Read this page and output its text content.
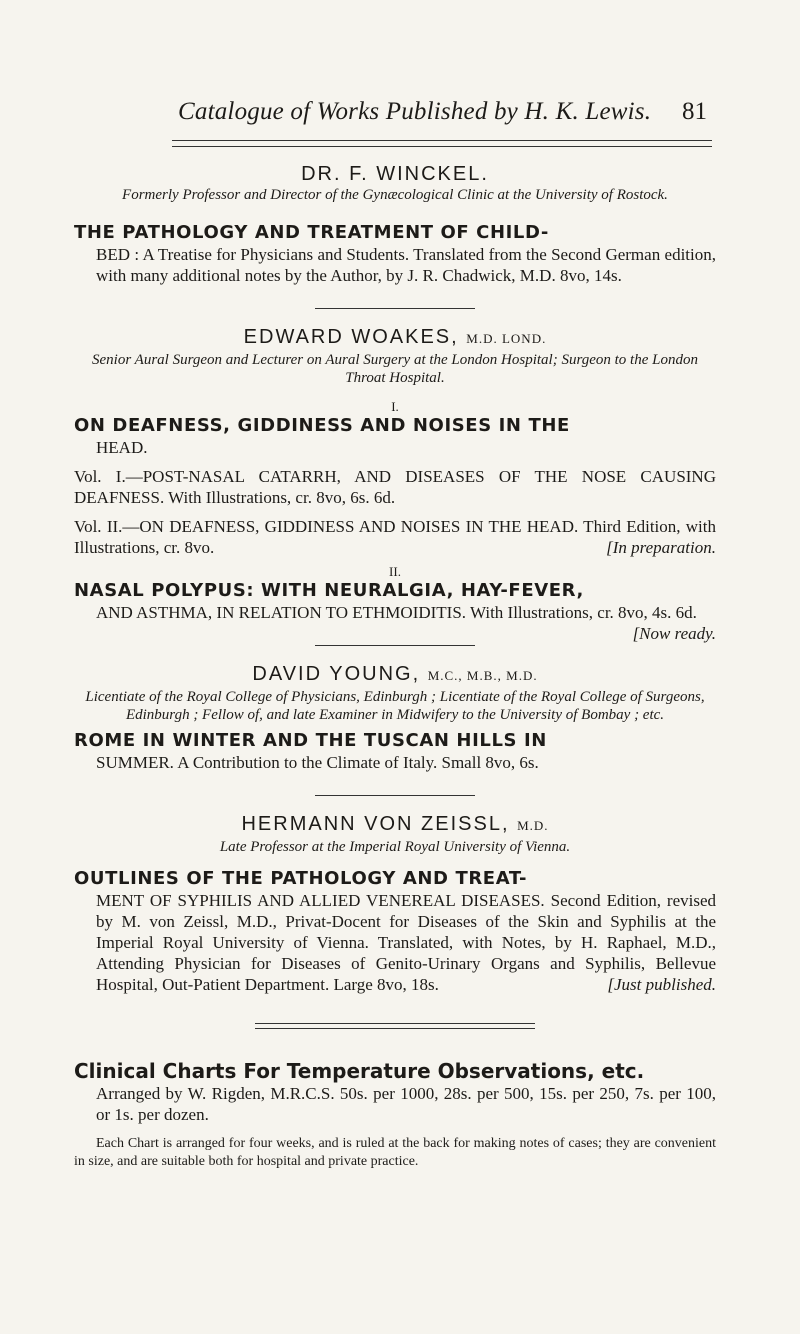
Catalogue of Works Published by H. K. Lewis. 81

DR. F. WINCKEL.

Formerly Professor and Director of the Gynæcological Clinic at the University of Rostock.

THE PATHOLOGY AND TREATMENT OF CHILD-

BED : A Treatise for Physicians and Students. Translated from the Second German edition, with many additional notes by the Author, by J. R. Chadwick, M.D. 8vo, 14s.

EDWARD WOAKES, M.D. LOND.

Senior Aural Surgeon and Lecturer on Aural Surgery at the London Hospital; Surgeon to the London Throat Hospital.

I.

ON DEAFNESS, GIDDINESS AND NOISES IN THE

HEAD.

Vol. I.—POST-NASAL CATARRH, AND DISEASES OF THE NOSE CAUSING DEAFNESS. With Illustrations, cr. 8vo, 6s. 6d.

Vol. II.—ON DEAFNESS, GIDDINESS AND NOISES IN THE HEAD. Third Edition, with Illustrations, cr. 8vo.	[In preparation.

II.

NASAL POLYPUS: WITH NEURALGIA, HAY-FEVER,

AND ASTHMA, IN RELATION TO ETHMOIDITIS. With Illustrations, cr. 8vo, 4s. 6d.
[Now ready.

DAVID YOUNG, M.C., M.B., M.D.

Licentiate of the Royal College of Physicians, Edinburgh ; Licentiate of the Royal College of Surgeons, Edinburgh ; Fellow of, and late Examiner in Midwifery to the University of Bombay ; etc.

ROME IN WINTER AND THE TUSCAN HILLS IN

SUMMER. A Contribution to the Climate of Italy. Small 8vo, 6s.

HERMANN VON ZEISSL, M.D.

Late Professor at the Imperial Royal University of Vienna.

OUTLINES OF THE PATHOLOGY AND TREAT-

MENT OF SYPHILIS AND ALLIED VENEREAL DISEASES. Second Edition, revised by M. von Zeissl, M.D., Privat-Docent for Diseases of the Skin and Syphilis at the Imperial Royal University of Vienna. Translated, with Notes, by H. Raphael, M.D., Attending Physician for Diseases of Genito-Urinary Organs and Syphilis, Bellevue Hospital, Out-Patient Department. Large 8vo, 18s.	[Just published.

Clinical Charts For Temperature Observations, etc.

Arranged by W. Rigden, M.R.C.S. 50s. per 1000, 28s. per 500, 15s. per 250, 7s. per 100, or 1s. per dozen.

Each Chart is arranged for four weeks, and is ruled at the back for making notes of cases; they are convenient in size, and are suitable both for hospital and private practice.
